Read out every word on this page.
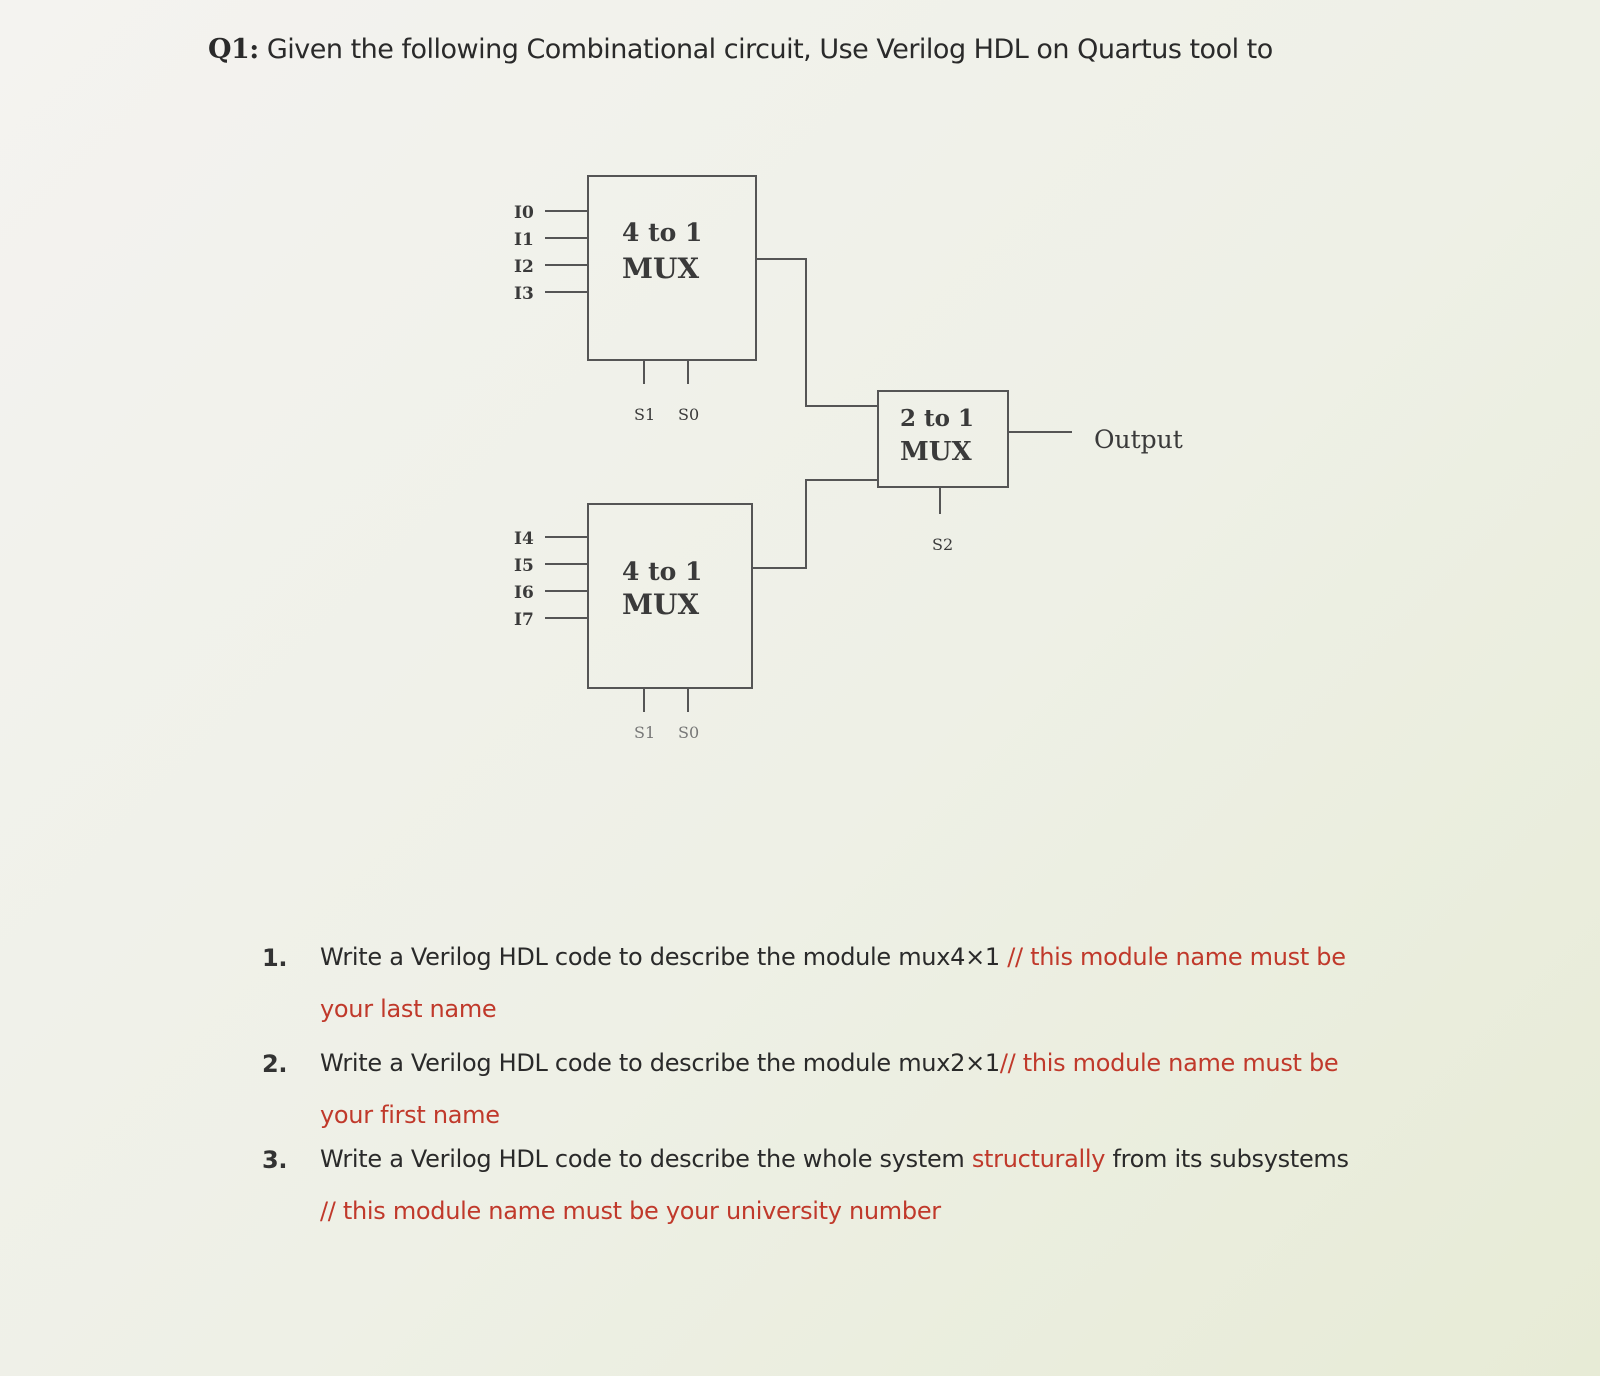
Q1: Given the following Combinational circuit, Use Verilog HDL on Quartus tool to
4 to 1
MUX
I0
I1
I2
I3
S1 S0
4 to 1
MUX
I4
I5
I6
I7
S1 S0
2 to 1
MUX
S2
Output
1. Write a Verilog HDL code to describe the module mux4×1 // this module name must be
your last name
2. Write a Verilog HDL code to describe the module mux2×1// this module name must be
your first name
3. Write a Verilog HDL code to describe the whole system structurally from its subsystems
// this module name must be your university number
